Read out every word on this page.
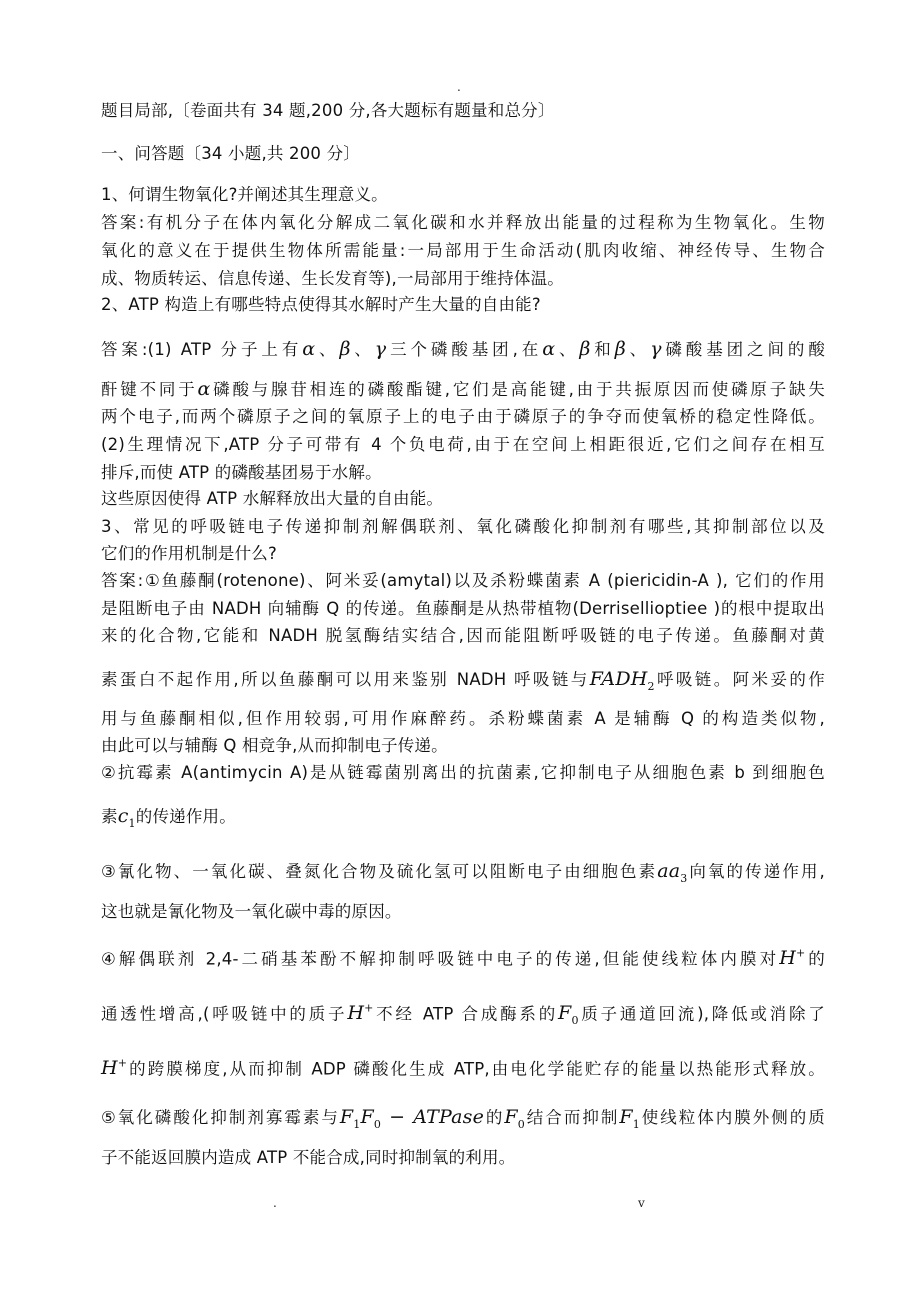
.
题目局部,〔卷面共有 34 题,200 分,各大题标有题量和总分〕
一、问答题〔34 小题,共 200 分〕
1、何谓生物氧化?并阐述其生理意义。
答案:有机分子在体内氧化分解成二氧化碳和水并释放出能量的过程称为生物氧化。生物
氧化的意义在于提供生物体所需能量:一局部用于生命活动(肌肉收缩、神经传导、生物合
成、物质转运、信息传递、生长发育等),一局部用于维持体温。
2、ATP 构造上有哪些特点使得其水解时产生大量的自由能?
答案:(1) ATP 分子上有α、β、γ三个磷酸基团,在α、β和β、γ磷酸基团之间的酸
酐键不同于α磷酸与腺苷相连的磷酸酯键,它们是高能键,由于共振原因而使磷原子缺失
两个电子,而两个磷原子之间的氧原子上的电子由于磷原子的争夺而使氧桥的稳定性降低。
(2)生理情况下,ATP 分子可带有 4 个负电荷,由于在空间上相距很近,它们之间存在相互
排斥,而使 ATP 的磷酸基团易于水解。
这些原因使得 ATP 水解释放出大量的自由能。
3、常见的呼吸链电子传递抑制剂解偶联剂、氧化磷酸化抑制剂有哪些,其抑制部位以及
它们的作用机制是什么?
答案:①鱼藤酮(rotenone)、阿米妥(amytal)以及杀粉蝶菌素 A (piericidin-A ), 它们的作用
是阻断电子由 NADH 向辅酶 Q 的传递。鱼藤酮是从热带植物(Derrisellioptiee )的根中提取出
来的化合物,它能和 NADH 脱氢酶结实结合,因而能阻断呼吸链的电子传递。鱼藤酮对黄
素蛋白不起作用,所以鱼藤酮可以用来鉴别 NADH 呼吸链与$FADH_2$呼吸链。阿米妥的作
用与鱼藤酮相似,但作用较弱,可用作麻醉药。杀粉蝶菌素 A 是辅酶 Q 的构造类似物,
由此可以与辅酶 Q 相竞争,从而抑制电子传递。
②抗霉素 A(antimycin A)是从链霉菌别离出的抗菌素,它抑制电子从细胞色素 b 到细胞色
素$c_1$的传递作用。
③氰化物、一氧化碳、叠氮化合物及硫化氢可以阻断电子由细胞色素$aa_3$向氧的传递作用,
这也就是氰化物及一氧化碳中毒的原因。
④解偶联剂 2,4-二硝基苯酚不解抑制呼吸链中电子的传递,但能使线粒体内膜对H+的
通透性增高,(呼吸链中的质子H+不经 ATP 合成酶系的$F_0$质子通道回流),降低或消除了
H+的跨膜梯度,从而抑制 ADP 磷酸化生成 ATP,由电化学能贮存的能量以热能形式释放。
⑤氧化磷酸化抑制剂寡霉素与$F_1F_0$ − ATPase的$F_0$结合而抑制$F_1$使线粒体内膜外侧的质
子不能返回膜内造成 ATP 不能合成,同时抑制氧的利用。
.	v
